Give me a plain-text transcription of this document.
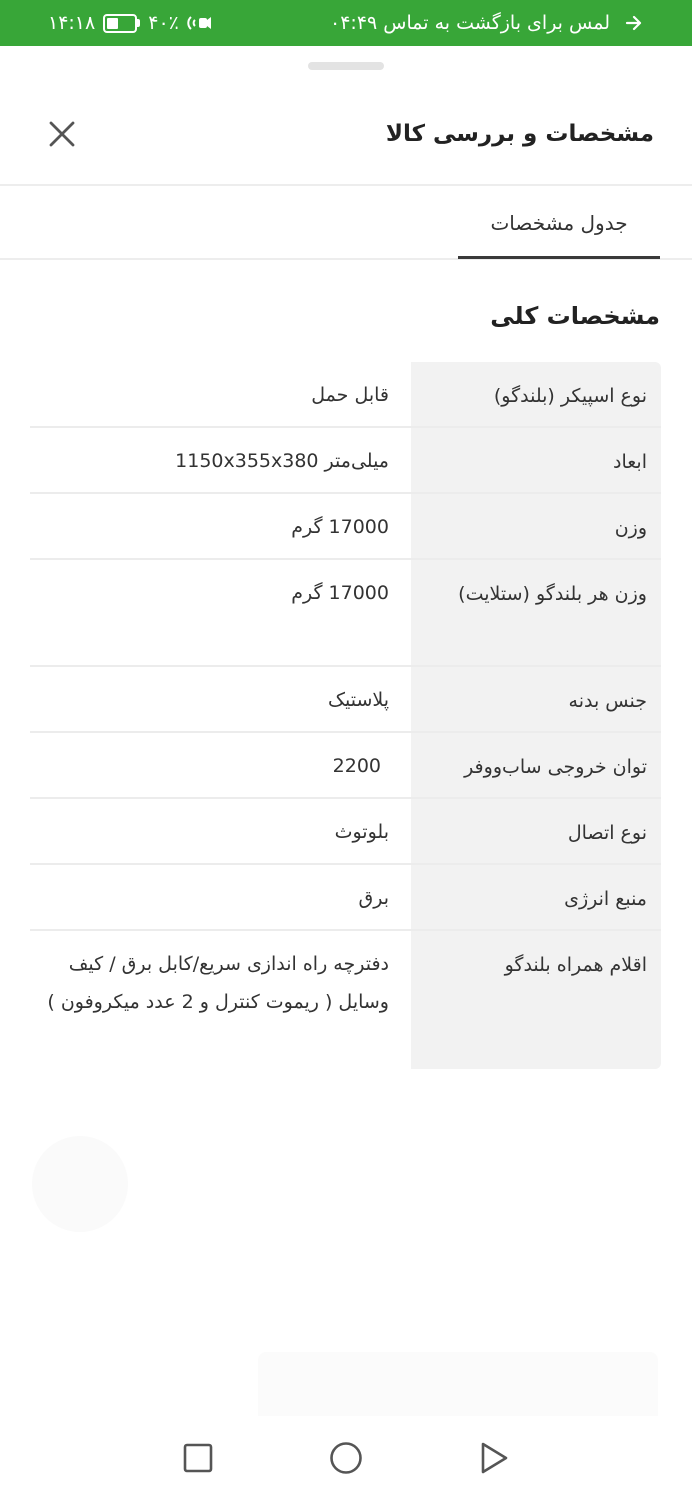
۱۴:۱۸	۴۰٪	لمس برای بازگشت به تماس ۰۴:۴۹
مشخصات و بررسی کالا
جدول مشخصات
مشخصات کلی
نوع اسپیکر (بلندگو)
قابل حمل
ابعاد
میلی‌متر 1150x355x380
وزن
17000 گرم
وزن هر بلندگو (ستلایت)
17000 گرم
جنس بدنه
پلاستیک
توان خروجی ساب‌ووفر
2200
نوع اتصال
بلوتوث
منبع انرژی
برق
اقلام همراه بلندگو
دفترچه راه اندازی سریع/کابل برق / کیف وسایل ( ریموت کنترل و 2 عدد میکروفون )
